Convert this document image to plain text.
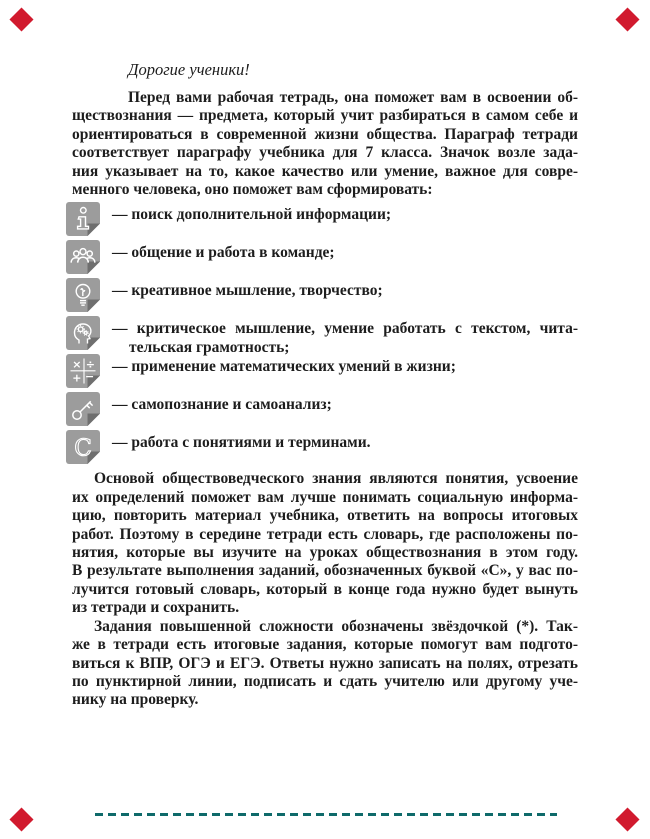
Дорогие ученики!
Перед вами рабочая тетрадь, она поможет вам в освоении об-
ществознания — предмета, который учит разбираться в самом себе и
ориентироваться в современной жизни общества. Параграф тетради
соответствует параграфу учебника для 7 класса. Значок возле зада-
ния указывает на то, какое качество или умение, важное для совре-
менного человека, оно поможет вам сформировать:
— поиск дополнительной информации;
— общение и работа в команде;
— креативное мышление, творчество;
— критическое мышление, умение работать с текстом, чита-
тельская грамотность;
× ÷
+ −
— применение математических умений в жизни;
— самопознание и самоанализ;
C — работа с понятиями и терминами.
Основой обществоведческого знания являются понятия, усвоение
их определений поможет вам лучше понимать социальную информа-
цию, повторить материал учебника, ответить на вопросы итоговых
работ. Поэтому в середине тетради есть словарь, где расположены по-
нятия, которые вы изучите на уроках обществознания в этом году.
В результате выполнения заданий, обозначенных буквой «С», у вас по-
лучится готовый словарь, который в конце года нужно будет вынуть
из тетради и сохранить.
Задания повышенной сложности обозначены звёздочкой (*). Так-
же в тетради есть итоговые задания, которые помогут вам подгото-
виться к ВПР, ОГЭ и ЕГЭ. Ответы нужно записать на полях, отрезать
по пунктирной линии, подписать и сдать учителю или другому уче-
нику на проверку.
